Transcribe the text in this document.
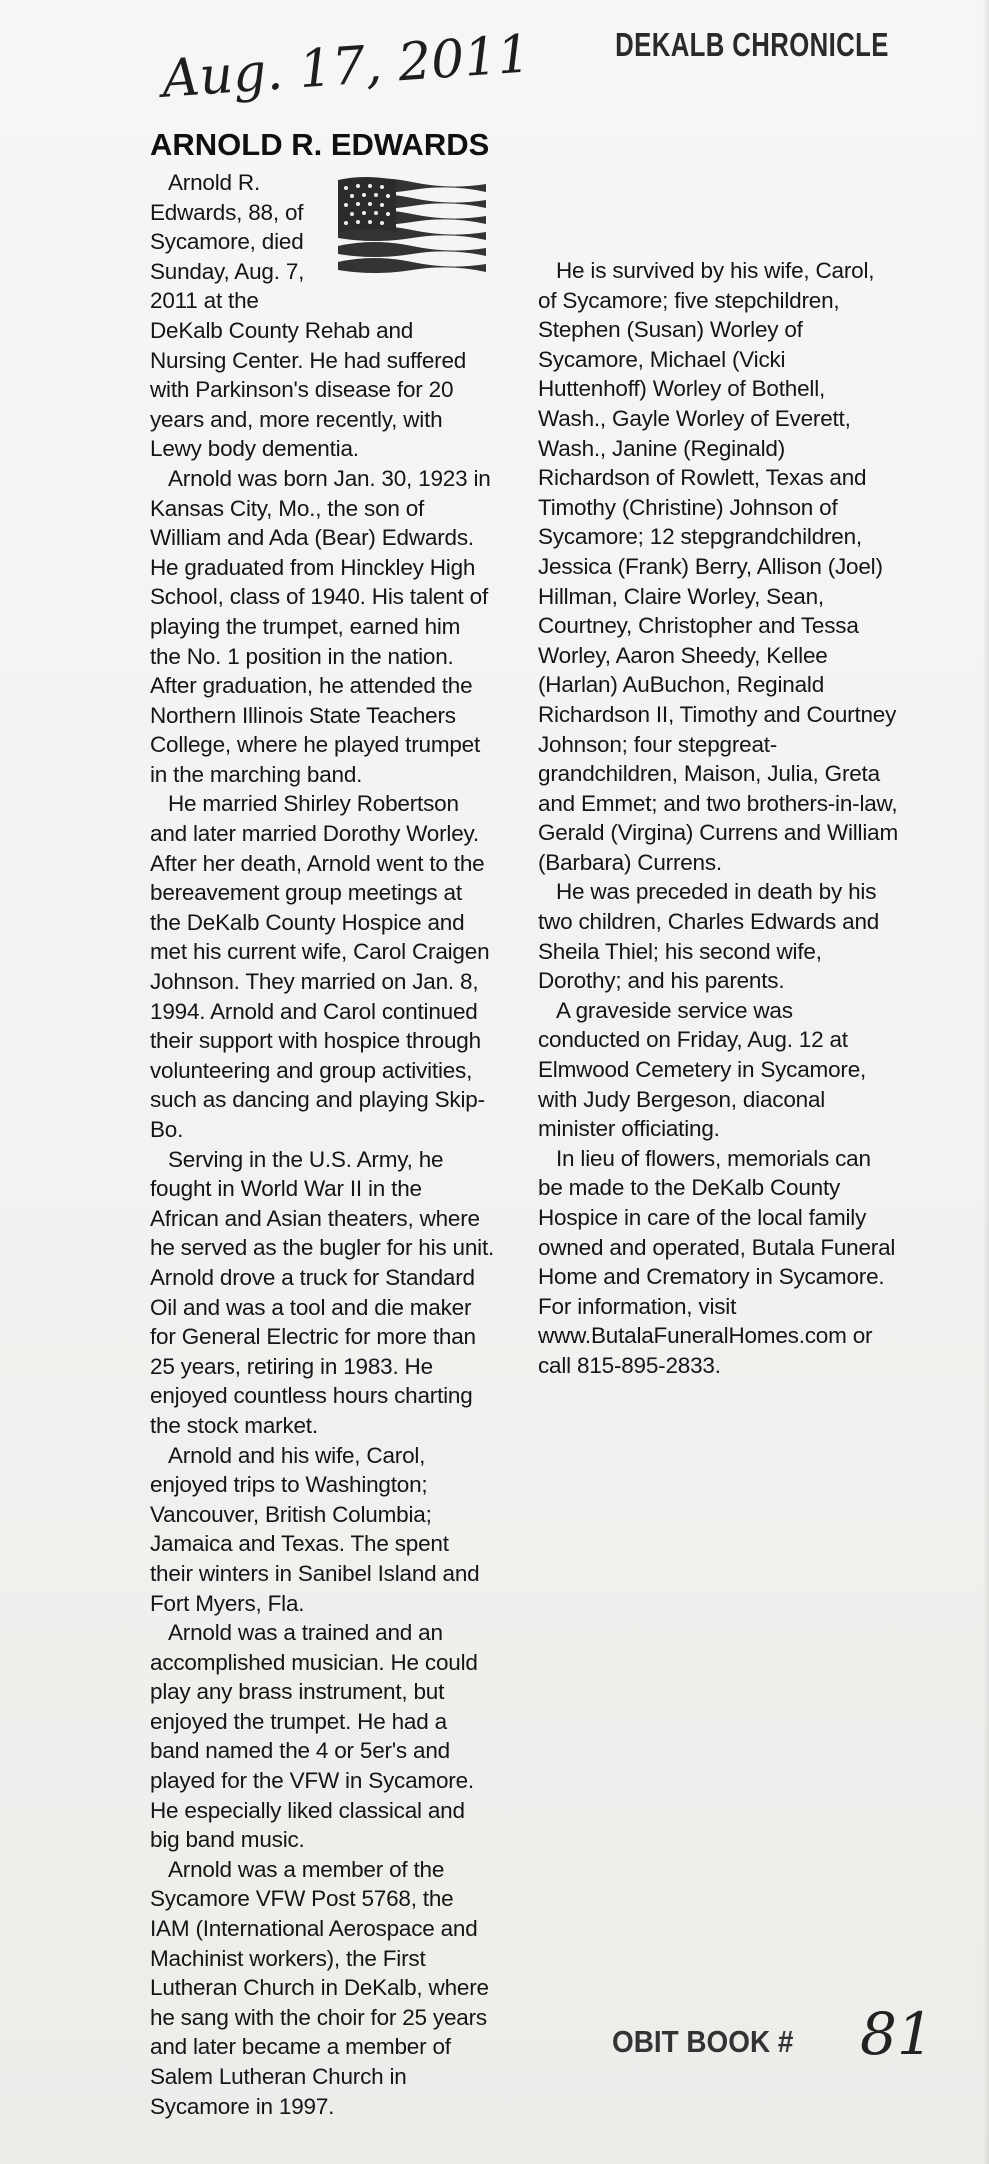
DEKALB CHRONICLE
Aug. 17, 2011
ARNOLD R. EDWARDS

Arnold R. Edwards, 88, of Sycamore, died Sunday, Aug. 7, 2011 at the DeKalb County Rehab and Nursing Center. He had suffered with Parkinson's disease for 20 years and, more recently, with Lewy body dementia.

Arnold was born Jan. 30, 1923 in Kansas City, Mo., the son of William and Ada (Bear) Edwards. He graduated from Hinckley High School, class of 1940. His talent of playing the trumpet, earned him the No. 1 position in the nation. After graduation, he attended the Northern Illinois State Teachers College, where he played trumpet in the marching band.

He married Shirley Robertson and later married Dorothy Worley. After her death, Arnold went to the bereavement group meetings at the DeKalb County Hospice and met his current wife, Carol Craigen Johnson. They married on Jan. 8, 1994. Arnold and Carol continued their support with hospice through volunteering and group activities, such as dancing and playing Skip-Bo.

Serving in the U.S. Army, he fought in World War II in the African and Asian theaters, where he served as the bugler for his unit. Arnold drove a truck for Standard Oil and was a tool and die maker for General Electric for more than 25 years, retiring in 1983. He enjoyed countless hours charting the stock market.

Arnold and his wife, Carol, enjoyed trips to Washington; Vancouver, British Columbia; Jamaica and Texas. The spent their winters in Sanibel Island and Fort Myers, Fla.

Arnold was a trained and an accomplished musician. He could play any brass instrument, but enjoyed the trumpet. He had a band named the 4 or 5er's and played for the VFW in Sycamore. He especially liked classical and big band music.

Arnold was a member of the Sycamore VFW Post 5768, the IAM (International Aerospace and Machinist workers), the First Lutheran Church in DeKalb, where he sang with the choir for 25 years and later became a member of Salem Lutheran Church in Sycamore in 1997.

He is survived by his wife, Carol, of Sycamore; five stepchildren, Stephen (Susan) Worley of Sycamore, Michael (Vicki Huttenhoff) Worley of Bothell, Wash., Gayle Worley of Everett, Wash., Janine (Reginald) Richardson of Rowlett, Texas and Timothy (Christine) Johnson of Sycamore; 12 stepgrandchildren, Jessica (Frank) Berry, Allison (Joel) Hillman, Claire Worley, Sean, Courtney, Christopher and Tessa Worley, Aaron Sheedy, Kellee (Harlan) AuBuchon, Reginald Richardson II, Timothy and Courtney Johnson; four stepgreat-grandchildren, Maison, Julia, Greta and Emmet; and two brothers-in-law, Gerald (Virgina) Currens and William (Barbara) Currens.

He was preceded in death by his two children, Charles Edwards and Sheila Thiel; his second wife, Dorothy; and his parents.

A graveside service was conducted on Friday, Aug. 12 at Elmwood Cemetery in Sycamore, with Judy Bergeson, diaconal minister officiating.

In lieu of flowers, memorials can be made to the DeKalb County Hospice in care of the local family owned and operated, Butala Funeral Home and Crematory in Sycamore. For information, visit www.ButalaFuneralHomes.com or call 815-895-2833.

OBIT BOOK # 81
